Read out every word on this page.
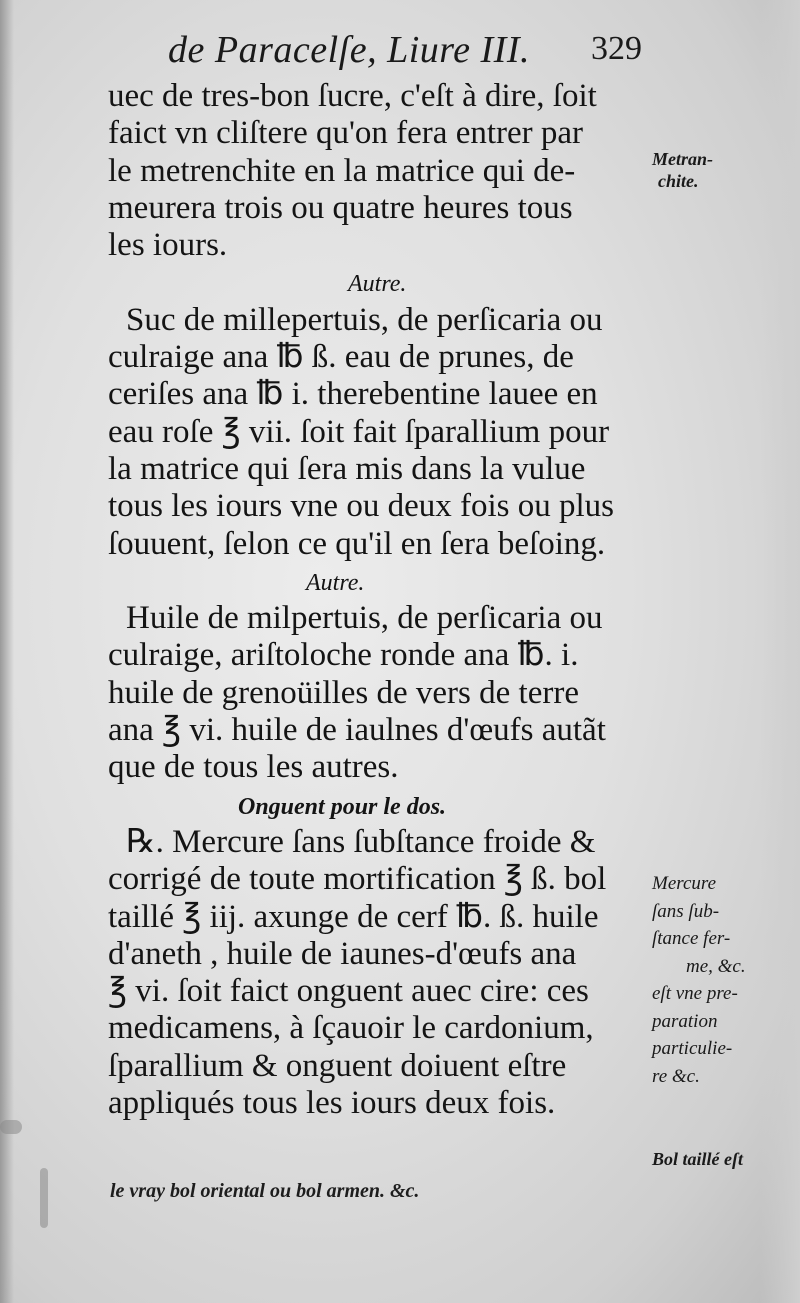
de Paracelſe, Liure III. 329
uec de tres-bon ſucre, c'eſt à dire, ſoit
faict vn cliſtere qu'on fera entrer par
le metrenchite en la matrice qui de-
meurera trois ou quatre heures tous
les iours.
Autre.
Suc de millepertuis, de perſicaria ou
culraige ana ℔ ß. eau de prunes, de
ceriſes ana ℔ i. therebentine lauee en
eau roſe ℥ vii. ſoit fait ſparallium pour
la matrice qui ſera mis dans la vulue
tous les iours vne ou deux fois ou plus
ſouuent, ſelon ce qu'il en ſera beſoing.
Autre.
Huile de milpertuis, de perſicaria ou
culraige, ariſtoloche ronde ana ℔. i.
huile de grenoüilles de vers de terre
ana ℥ vi. huile de iaulnes d'œufs autãt
que de tous les autres.
Onguent pour le dos.
℞. Mercure ſans ſubſtance froide &
corrigé de toute mortification ℥ ß. bol
taillé ℥ iij. axunge de cerf ℔. ß. huile
d'aneth , huile de iaunes-d'œufs ana
℥ vi. ſoit faict onguent auec cire: ces
medicamens, à ſçauoir le cardonium,
ſparallium & onguent doiuent eſtre
appliqués tous les iours deux fois.
le vray bol oriental ou bol armen. &c.
Metran-
chite.
Mercure
ſans ſub-
ſtance fer-
me, &c.
eſt vne pre-
paration
particulie-
re &c.
Bol taillé eſt
